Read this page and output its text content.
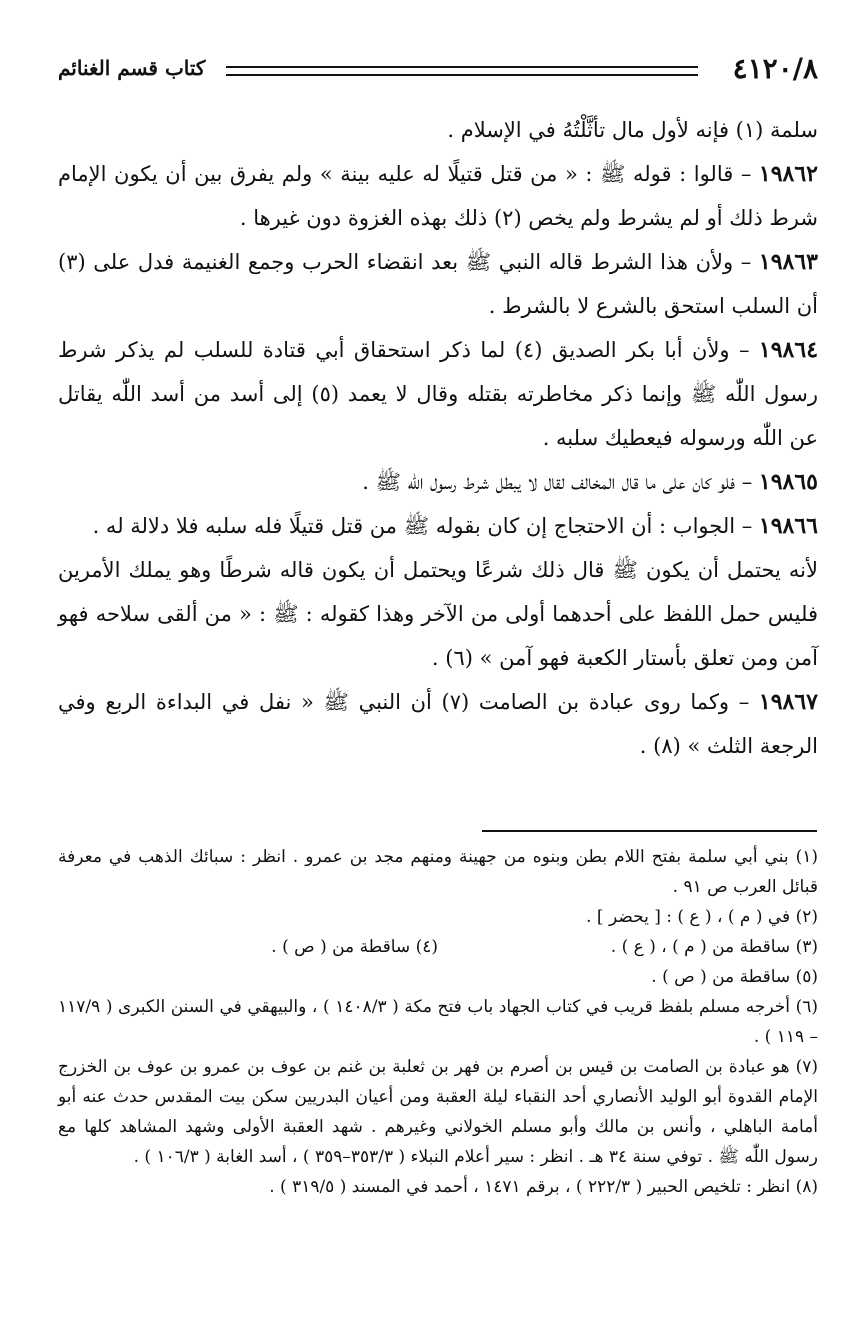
٤١٢٠/٨
كتاب قسم الغنائم

سلمة (١) فإنه لأول مال تأثَّلْتُهُ في الإسلام .

١٩٨٦٢ – قالوا : قوله ﷺ : « من قتل قتيلًا له عليه بينة » ولم يفرق بين أن يكون الإمام شرط ذلك أو لم يشرط ولم يخص (٢) ذلك بهذه الغزوة دون غيرها .

١٩٨٦٣ – ولأن هذا الشرط قاله النبي ﷺ بعد انقضاء الحرب وجمع الغنيمة فدل على (٣) أن السلب استحق بالشرع لا بالشرط .

١٩٨٦٤ – ولأن أبا بكر الصديق (٤) لما ذكر استحقاق أبي قتادة للسلب لم يذكر شرط رسول اللّٰه ﷺ وإنما ذكر مخاطرته بقتله وقال لا يعمد (٥) إلى أسد من أسد اللّٰه يقاتل عن اللّٰه ورسوله فيعطيك سلبه .

١٩٨٦٥ – فلو كان على ما قال المخالف لقال لا يبطل شرط رسول اللّٰه ﷺ .

١٩٨٦٦ – الجواب : أن الاحتجاج إن كان بقوله ﷺ من قتل قتيلًا فله سلبه فلا دلالة له .

لأنه يحتمل أن يكون ﷺ قال ذلك شرعًا ويحتمل أن يكون قاله شرطًا وهو يملك الأمرين فليس حمل اللفظ على أحدهما أولى من الآخر وهذا كقوله : ﷺ : « من ألقى سلاحه فهو آمن ومن تعلق بأستار الكعبة فهو آمن » (٦) .

١٩٨٦٧ – وكما روى عبادة بن الصامت (٧) أن النبي ﷺ « نفل في البداءة الربع وفي الرجعة الثلث » (٨) .

(١) بني أبي سلمة بفتح اللام بطن وبنوه من جهينة ومنهم مجد بن عمرو . انظر : سبائك الذهب في معرفة قبائل العرب ص ٩١ .

(٢) في ( م ) ، ( ع ) : [ يحضر ] .

(٣) ساقطة من ( م ) ، ( ع ) .

(٤) ساقطة من ( ص ) .

(٥) ساقطة من ( ص ) .

(٦) أخرجه مسلم بلفظ قريب في كتاب الجهاد باب فتح مكة ( ١٤٠٨/٣ ) ، والبيهقي في السنن الكبرى ( ١١٧/٩ – ١١٩ ) .

(٧) هو عبادة بن الصامت بن قيس بن أصرم بن فهر بن ثعلبة بن غنم بن عوف بن عمرو بن عوف بن الخزرج الإمام القدوة أبو الوليد الأنصاري أحد النقباء ليلة العقبة ومن أعيان البدريين سكن بيت المقدس حدث عنه أبو أمامة الباهلي ، وأنس بن مالك وأبو مسلم الخولاني وغيرهم . شهد العقبة الأولى وشهد المشاهد كلها مع رسول اللّٰه ﷺ . توفي سنة ٣٤ هـ . انظر : سير أعلام النبلاء ( ٣٥٣/٣–٣٥٩ ) ، أسد الغابة ( ١٠٦/٣ ) .

(٨) انظر : تلخيص الحبير ( ٢٢٢/٣ ) ، برقم ١٤٧١ ، أحمد في المسند ( ٣١٩/٥ ) .
